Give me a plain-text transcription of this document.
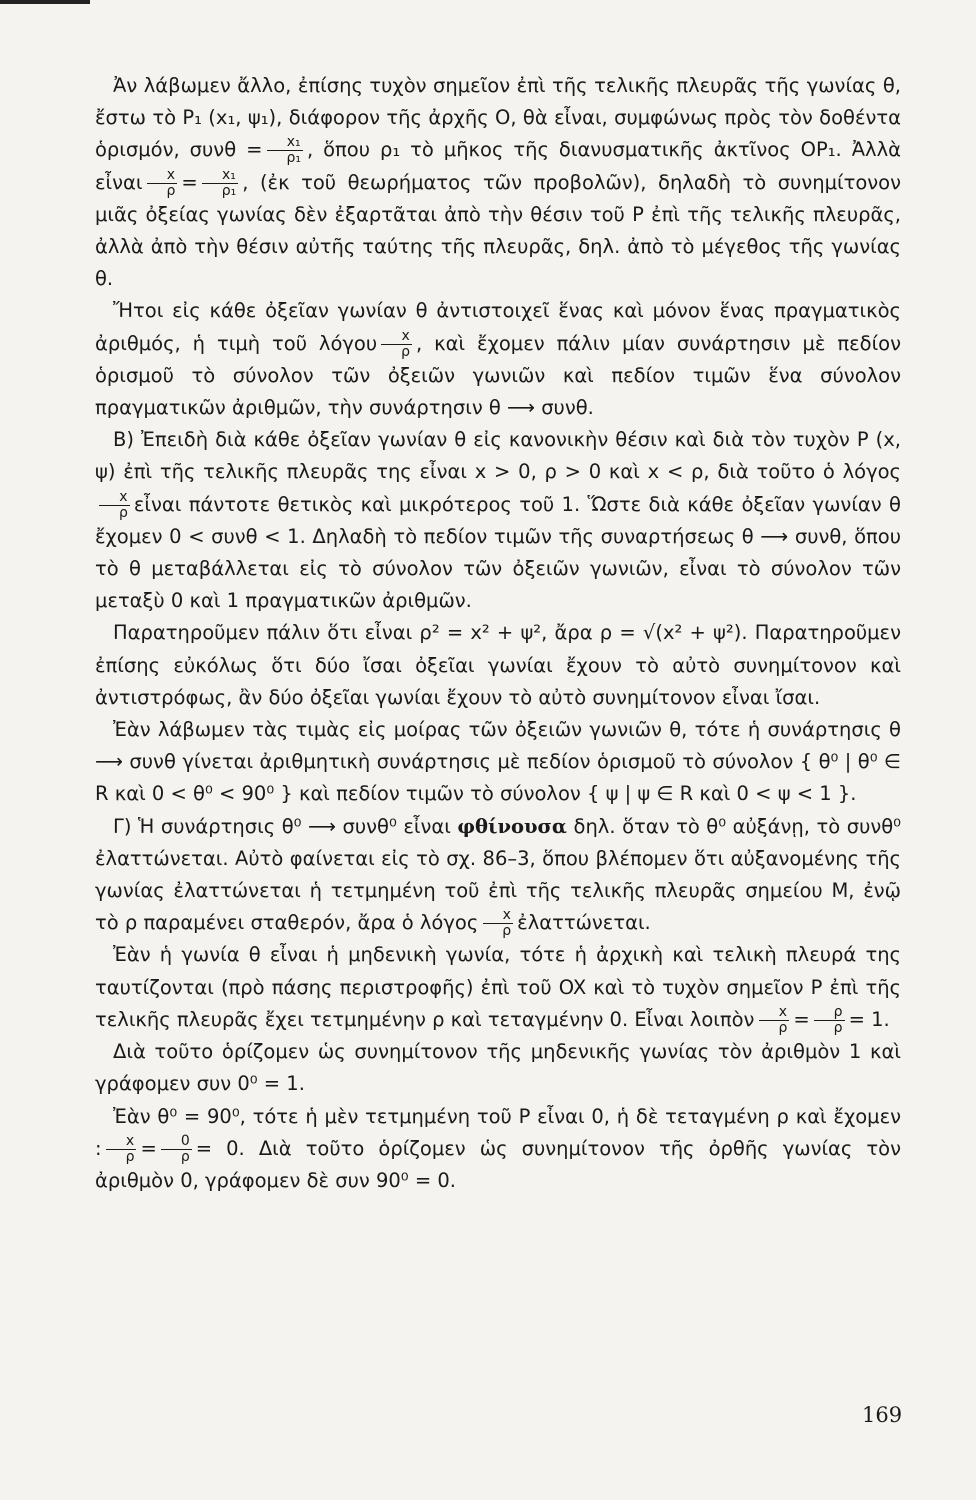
Ἀν λάβωμεν ἄλλο, ἐπίσης τυχὸν σημεῖον ἐπὶ τῆς τελικῆς πλευρᾶς τῆς γωνίας θ, ἔστω τὸ P₁ (x₁, ψ₁), διάφορον τῆς ἀρχῆς O, θὰ εἶναι, συμφώνως πρὸς τὸν δοθέντα ὁρισμόν, $\sigma\upsilon\nu\theta = \frac{\text{x₁}}{\text{ρ₁}}$ , ὅπου ρ₁ τὸ μῆκος τῆς διανυσματικῆς ἀκτῖνος OP₁. Ἀλλὰ εἶναι $\frac{x}{\rho} = \frac{\text{x₁}}{\text{ρ₁}}$ , (ἐκ τοῦ θεωρήματος τῶν προβολῶν), δηλαδὴ τὸ συνημίτονον μιᾶς ὀξείας γωνίας δὲν ἐξαρτᾶται ἀπὸ τὴν θέσιν τοῦ P ἐπὶ τῆς τελικῆς πλευρᾶς, ἀλλὰ ἀπὸ τὴν θέσιν αὐτῆς ταύτης τῆς πλευρᾶς, δηλ. ἀπὸ τὸ μέγεθος τῆς γωνίας θ.

Ἤτοι εἰς κάθε ὀξεῖαν γωνίαν θ ἀντιστοιχεῖ ἕνας καὶ μόνον ἕνας πραγματικὸς ἀριθμός, ἡ τιμὴ τοῦ λόγου $\frac{x}{\rho}$ , καὶ ἔχομεν πάλιν μίαν συνάρτησιν μὲ πεδίον ὁρισμοῦ τὸ σύνολον τῶν ὀξειῶν γωνιῶν καὶ πεδίον τιμῶν ἕνα σύνολον πραγματικῶν ἀριθμῶν, τὴν συνάρτησιν θ ⟶ συνθ.

B) Ἐπειδὴ διὰ κάθε ὀξεῖαν γωνίαν θ εἰς κανονικὴν θέσιν καὶ διὰ τὸν τυχὸν P (x, ψ) ἐπὶ τῆς τελικῆς πλευρᾶς της εἶναι x > 0, ρ > 0 καὶ x < ρ, διὰ τοῦτο ὁ λόγος
$\frac{x}{\rho}$ εἶναι πάντοτε θετικὸς καὶ μικρότερος τοῦ 1. Ὥστε διὰ κάθε ὀξεῖαν γωνίαν θ ἔχομεν 0 < συνθ < 1. Δηλαδὴ τὸ πεδίον τιμῶν τῆς συναρτήσεως θ ⟶ συνθ, ὅπου τὸ θ μεταβάλλεται εἰς τὸ σύνολον τῶν ὀξειῶν γωνιῶν, εἶναι τὸ σύνολον τῶν μεταξὺ 0 καὶ 1 πραγματικῶν ἀριθμῶν.

Παρατηροῦμεν πάλιν ὅτι εἶναι ρ² = x² + ψ², ἄρα ρ = √(x² + ψ²). Παρατηροῦμεν ἐπίσης εὐκόλως ὅτι δύο ἴσαι ὀξεῖαι γωνίαι ἔχουν τὸ αὐτὸ συνημίτονον καὶ ἀντιστρόφως, ἂν δύο ὀξεῖαι γωνίαι ἔχουν τὸ αὐτὸ συνημίτονον εἶναι ἴσαι.

Ἐὰν λάβωμεν τὰς τιμὰς εἰς μοίρας τῶν ὀξειῶν γωνιῶν θ, τότε ἡ συνάρτησις θ ⟶ συνθ γίνεται ἀριθμητικὴ συνάρτησις μὲ πεδίον ὁρισμοῦ τὸ σύνολον { θ⁰ | θ⁰ ∈ R καὶ 0 < θ⁰ < 90⁰ } καὶ πεδίον τιμῶν τὸ σύνολον { ψ | ψ ∈ R καὶ 0 < ψ < 1 }.

Γ) Ἡ συνάρτησις θ⁰ ⟶ συνθ⁰ εἶναι φθίνουσα δηλ. ὅταν τὸ θ⁰ αὐξάνῃ, τὸ συνθ⁰ ἐλαττώνεται. Αὐτὸ φαίνεται εἰς τὸ σχ. 86–3, ὅπου βλέπομεν ὅτι αὐξανομένης τῆς γωνίας ἐλαττώνεται ἡ τετμημένη τοῦ ἐπὶ τῆς τελικῆς πλευρᾶς σημείου M, ἐνῷ τὸ ρ παραμένει σταθερόν, ἄρα ὁ λόγος $\frac{x}{\rho}$ ἐλαττώνεται.

Ἐὰν ἡ γωνία θ εἶναι ἡ μηδενικὴ γωνία, τότε ἡ ἀρχικὴ καὶ τελικὴ πλευρά της ταυτίζονται (πρὸ πάσης περιστροφῆς) ἐπὶ τοῦ OX καὶ τὸ τυχὸν σημεῖον P ἐπὶ τῆς τελικῆς πλευρᾶς ἔχει τετμημένην ρ καὶ τεταγμένην 0. Εἶναι λοιπὸν $\frac{x}{\rho} = \frac{\rho}{\rho} = 1$.

Διὰ τοῦτο ὁρίζομεν ὡς συνημίτονον τῆς μηδενικῆς γωνίας τὸν ἀριθμὸν 1 καὶ γράφομεν συν 0⁰ = 1.

Ἐὰν θ⁰ = 90⁰, τότε ἡ μὲν τετμημένη τοῦ P εἶναι 0, ἡ δὲ τεταγμένη ρ καὶ ἔχομεν : $\frac{x}{\rho} = \frac{0}{\rho} = 0$. Διὰ τοῦτο ὁρίζομεν ὡς συνημίτονον τῆς ὀρθῆς γωνίας τὸν ἀριθμὸν 0, γράφομεν δὲ συν 90⁰ = 0.

169
